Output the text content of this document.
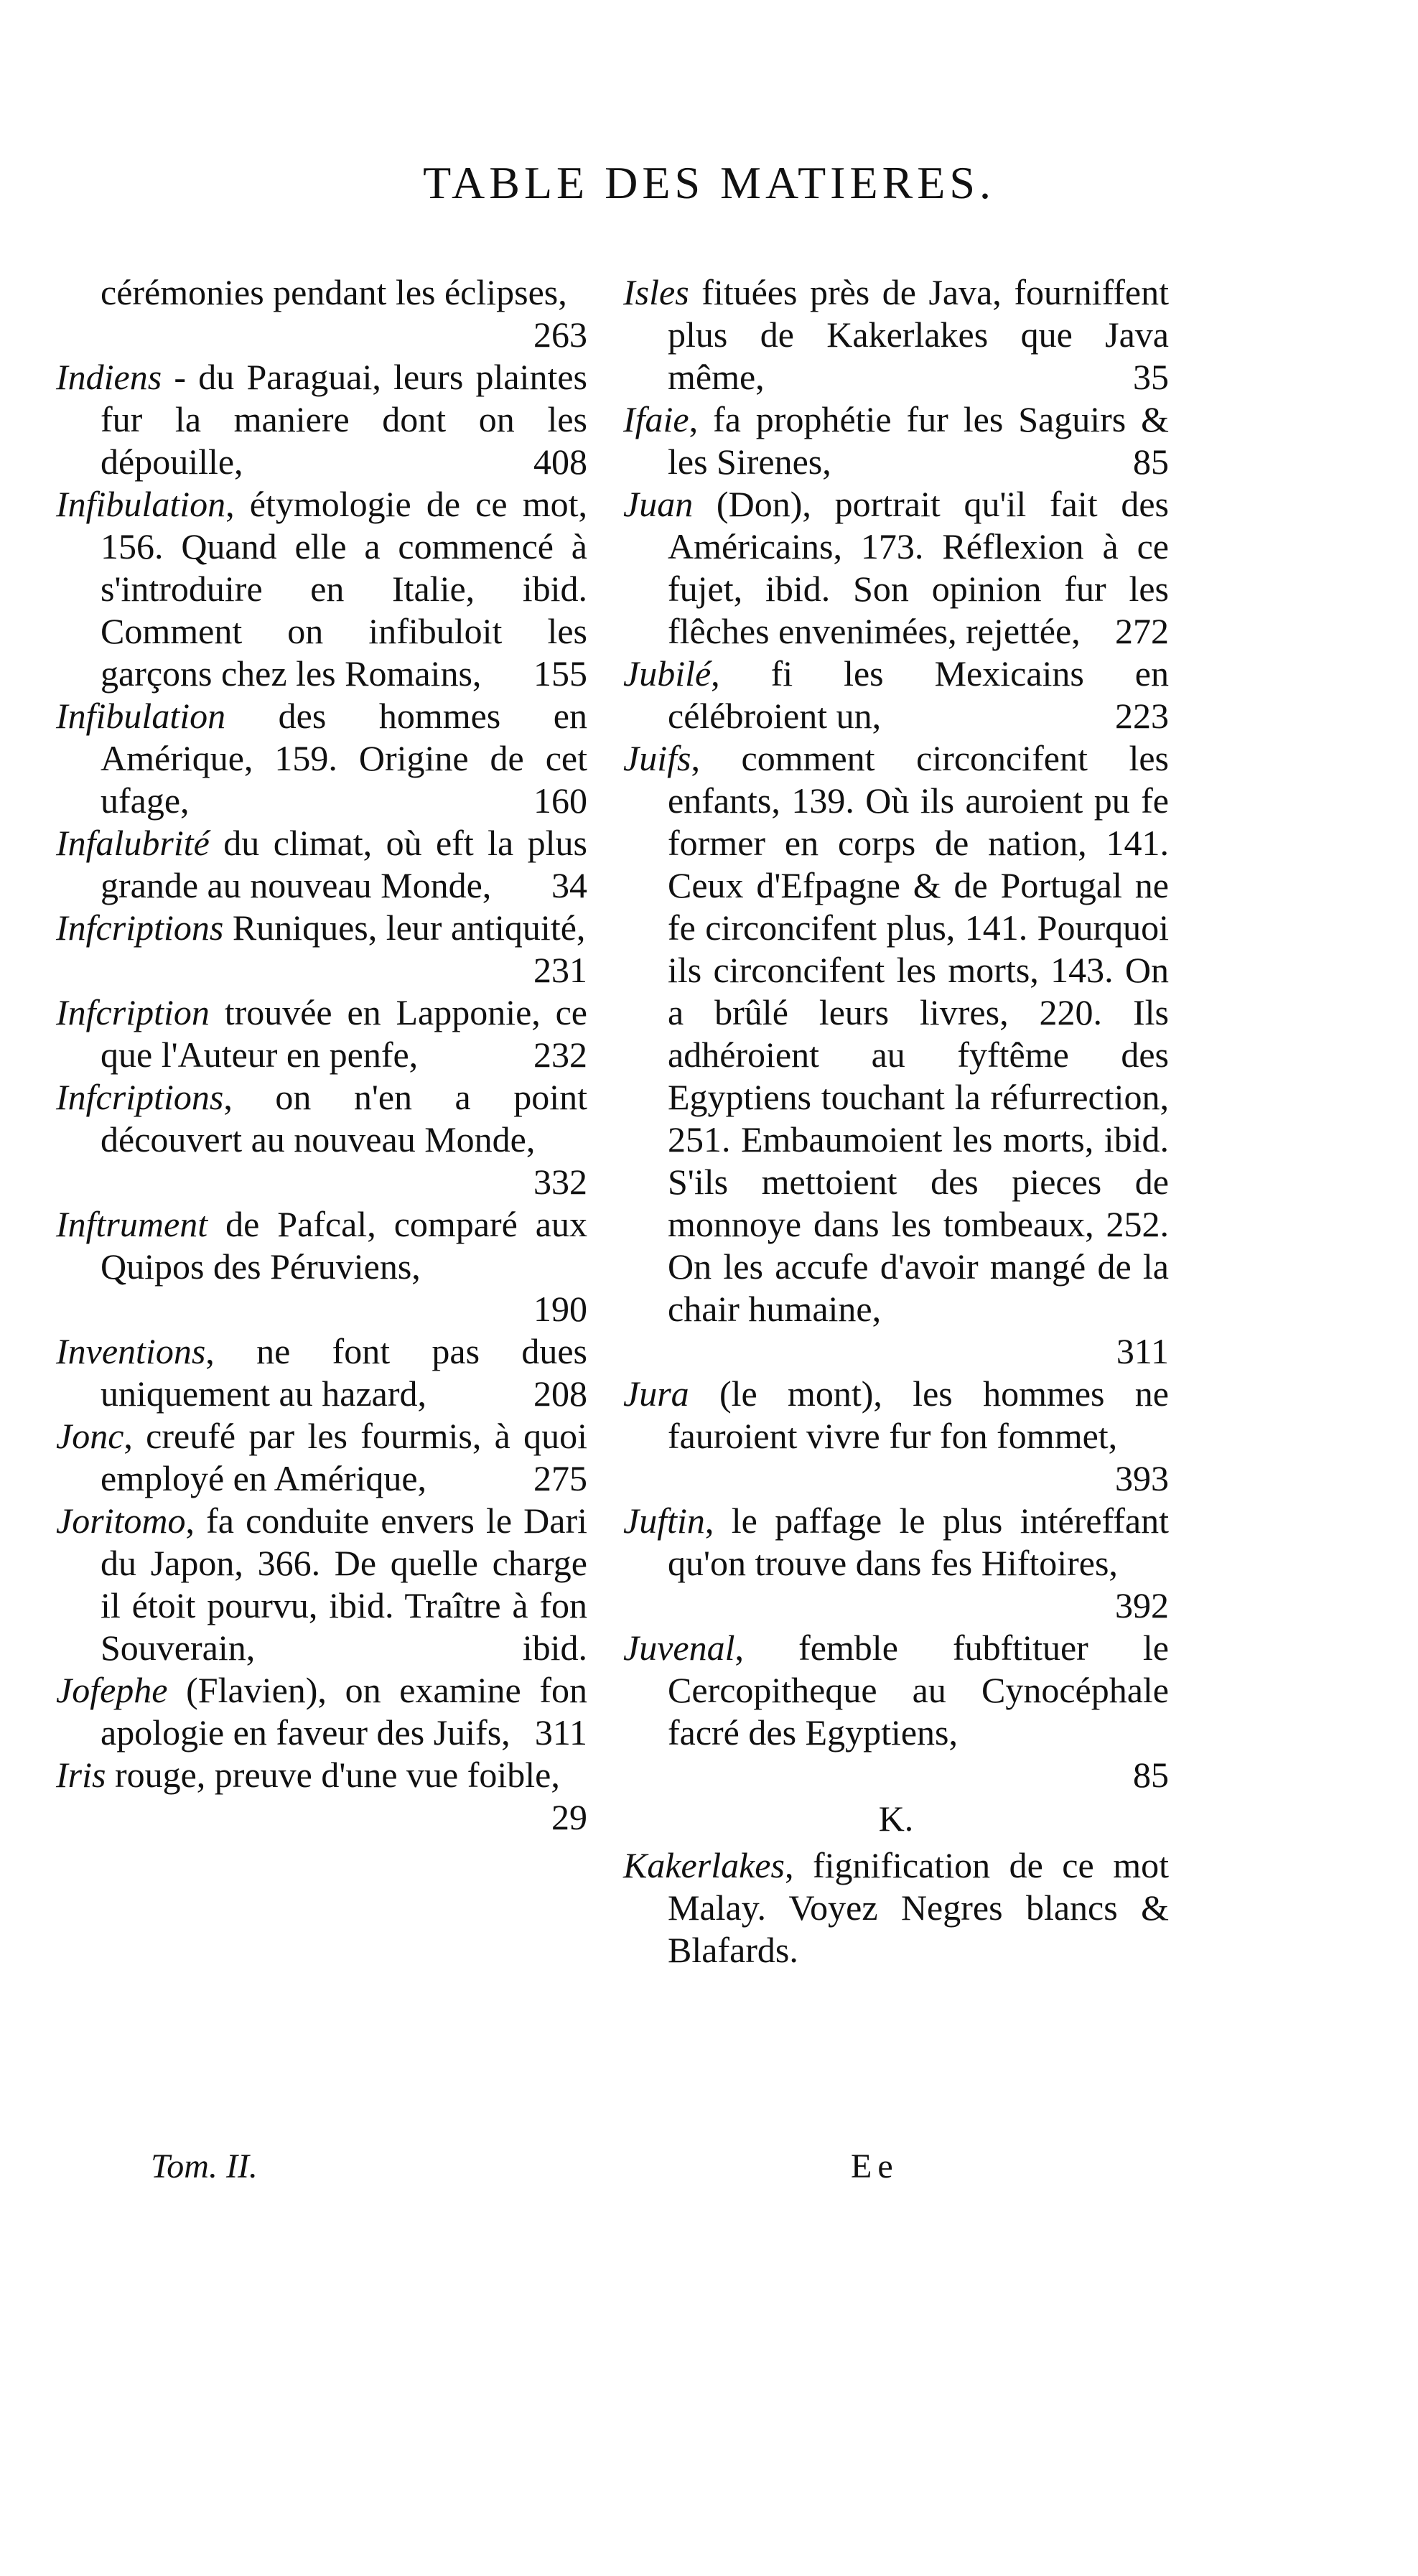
TABLE DES MATIERES.

cérémonies pendant les éclipses,
263

Indiens - du Paraguai, leurs plaintes fur la maniere dont on les dépouille,	408

Infibulation, étymologie de ce mot, 156. Quand elle a commencé à s'introduire en Italie, ibid. Comment on infibuloit les garçons chez les Romains, 155

Infibulation des hommes en Amérique, 159. Origine de cet ufage,	160

Infalubrité du climat, où eft la plus grande au nouveau Monde, 34

Infcriptions Runiques, leur antiquité,
231

Infcription trouvée en Lapponie, ce que l'Auteur en penfe,	232

Infcriptions, on n'en a point découvert au nouveau Monde,
332

Inftrument de Pafcal, comparé aux Quipos des Péruviens,
190

Inventions, ne font pas dues uniquement au hazard,	208

Jonc, creufé par les fourmis, à quoi employé en Amérique,	275

Joritomo, fa conduite envers le Dari du Japon, 366. De quelle charge il étoit pourvu, ibid. Traître à fon Souverain,	ibid.

Jofephe (Flavien), on examine fon apologie en faveur des Juifs, 311

Iris rouge, preuve d'une vue foible,
29

Isles fituées près de Java, fourniffent plus de Kakerlakes que Java même,	35

Ifaie, fa prophétie fur les Saguirs & les Sirenes,	85

Juan (Don), portrait qu'il fait des Américains, 173. Réflexion à ce fujet, ibid. Son opinion fur les flêches envenimées, rejettée, 272

Jubilé, fi les Mexicains en célébroient un,	223

Juifs, comment circoncifent les enfants, 139. Où ils auroient pu fe former en corps de nation, 141. Ceux d'Efpagne & de Portugal ne fe circoncifent plus, 141. Pourquoi ils circoncifent les morts, 143. On a brûlé leurs livres, 220. Ils adhéroient au fyftême des Egyptiens touchant la réfurrection, 251. Embaumoient les morts, ibid. S'ils mettoient des pieces de monnoye dans les tombeaux, 252. On les accufe d'avoir mangé de la chair humaine,
311

Jura (le mont), les hommes ne fauroient vivre fur fon fommet,
393

Juftin, le paffage le plus intéreffant qu'on trouve dans fes Hiftoires,
392

Juvenal, femble fubftituer le Cercopitheque au Cynocéphale facré des Egyptiens,
85

K.

Kakerlakes, fignification de ce mot Malay. Voyez Negres blancs & Blafards.

Tom. II.	Ee
